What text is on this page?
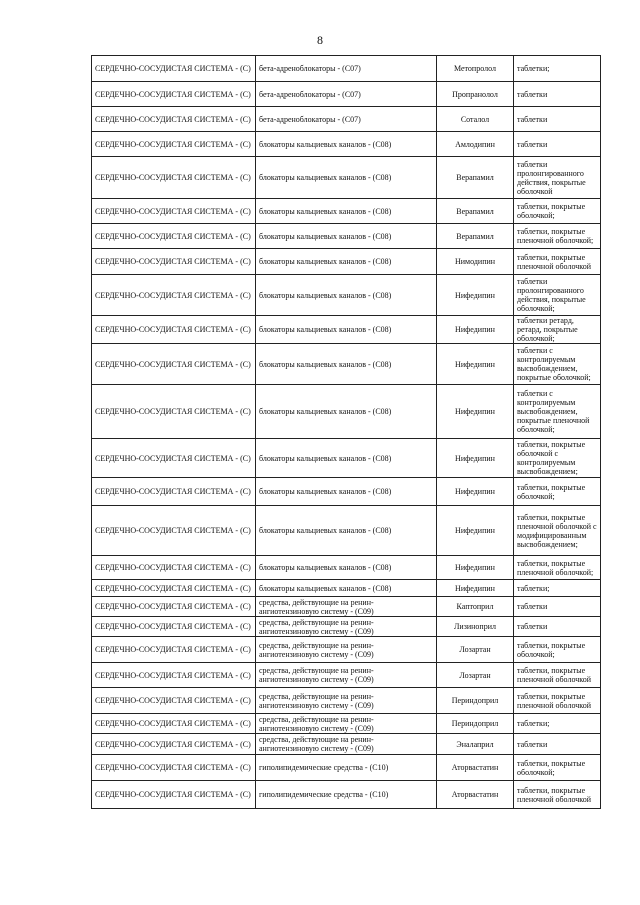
8
СЕРДЕЧНО-СОСУДИСТАЯ СИСТЕМА - (С)	бета-адреноблокаторы - (С07)	Метопролол	таблетки;
СЕРДЕЧНО-СОСУДИСТАЯ СИСТЕМА - (С)	бета-адреноблокаторы - (С07)	Пропранолол	таблетки
СЕРДЕЧНО-СОСУДИСТАЯ СИСТЕМА - (С)	бета-адреноблокаторы - (С07)	Соталол	таблетки
СЕРДЕЧНО-СОСУДИСТАЯ СИСТЕМА - (С)	блокаторы кальциевых каналов - (С08)	Амлодипин	таблетки
СЕРДЕЧНО-СОСУДИСТАЯ СИСТЕМА - (С)	блокаторы кальциевых каналов - (С08)	Верапамил	таблетки пролонгированного действия, покрытые оболочкой
СЕРДЕЧНО-СОСУДИСТАЯ СИСТЕМА - (С)	блокаторы кальциевых каналов - (С08)	Верапамил	таблетки, покрытые оболочкой;
СЕРДЕЧНО-СОСУДИСТАЯ СИСТЕМА - (С)	блокаторы кальциевых каналов - (С08)	Верапамил	таблетки, покрытые пленочной оболочкой;
СЕРДЕЧНО-СОСУДИСТАЯ СИСТЕМА - (С)	блокаторы кальциевых каналов - (С08)	Нимодипин	таблетки, покрытые пленочной оболочкой
СЕРДЕЧНО-СОСУДИСТАЯ СИСТЕМА - (С)	блокаторы кальциевых каналов - (С08)	Нифедипин	таблетки пролонгированного действия, покрытые оболочкой;
СЕРДЕЧНО-СОСУДИСТАЯ СИСТЕМА - (С)	блокаторы кальциевых каналов - (С08)	Нифедипин	таблетки ретард, ретард, покрытые оболочкой;
СЕРДЕЧНО-СОСУДИСТАЯ СИСТЕМА - (С)	блокаторы кальциевых каналов - (С08)	Нифедипин	таблетки с контролируемым высвобождением, покрытые оболочкой;
СЕРДЕЧНО-СОСУДИСТАЯ СИСТЕМА - (С)	блокаторы кальциевых каналов - (С08)	Нифедипин	таблетки с контролируемым высвобождением, покрытые пленочной оболочкой;
СЕРДЕЧНО-СОСУДИСТАЯ СИСТЕМА - (С)	блокаторы кальциевых каналов - (С08)	Нифедипин	таблетки, покрытые оболочкой с контролируемым высвобождением;
СЕРДЕЧНО-СОСУДИСТАЯ СИСТЕМА - (С)	блокаторы кальциевых каналов - (С08)	Нифедипин	таблетки, покрытые оболочкой;
СЕРДЕЧНО-СОСУДИСТАЯ СИСТЕМА - (С)	блокаторы кальциевых каналов - (С08)	Нифедипин	таблетки, покрытые пленочной оболочкой с модифицированным высвобождением;
СЕРДЕЧНО-СОСУДИСТАЯ СИСТЕМА - (С)	блокаторы кальциевых каналов - (С08)	Нифедипин	таблетки, покрытые пленочной оболочкой;
СЕРДЕЧНО-СОСУДИСТАЯ СИСТЕМА - (С)	блокаторы кальциевых каналов - (С08)	Нифедипин	таблетки;
СЕРДЕЧНО-СОСУДИСТАЯ СИСТЕМА - (С)	средства, действующие на ренин-ангиотензиновую систему - (С09)	Каптоприл	таблетки
СЕРДЕЧНО-СОСУДИСТАЯ СИСТЕМА - (С)	средства, действующие на ренин-ангиотензиновую систему - (С09)	Лизиноприл	таблетки
СЕРДЕЧНО-СОСУДИСТАЯ СИСТЕМА - (С)	средства, действующие на ренин-ангиотензиновую систему - (С09)	Лозартан	таблетки, покрытые оболочкой;
СЕРДЕЧНО-СОСУДИСТАЯ СИСТЕМА - (С)	средства, действующие на ренин-ангиотензиновую систему - (С09)	Лозартан	таблетки, покрытые пленочной оболочкой
СЕРДЕЧНО-СОСУДИСТАЯ СИСТЕМА - (С)	средства, действующие на ренин-ангиотензиновую систему - (С09)	Периндоприл	таблетки, покрытые пленочной оболочкой
СЕРДЕЧНО-СОСУДИСТАЯ СИСТЕМА - (С)	средства, действующие на ренин-ангиотензиновую систему - (С09)	Периндоприл	таблетки;
СЕРДЕЧНО-СОСУДИСТАЯ СИСТЕМА - (С)	средства, действующие на ренин-ангиотензиновую систему - (С09)	Эналаприл	таблетки
СЕРДЕЧНО-СОСУДИСТАЯ СИСТЕМА - (С)	гиполипидемические средства - (С10)	Аторвастатин	таблетки, покрытые оболочкой;
СЕРДЕЧНО-СОСУДИСТАЯ СИСТЕМА - (С)	гиполипидемические средства - (С10)	Аторвастатин	таблетки, покрытые пленочной оболочкой
